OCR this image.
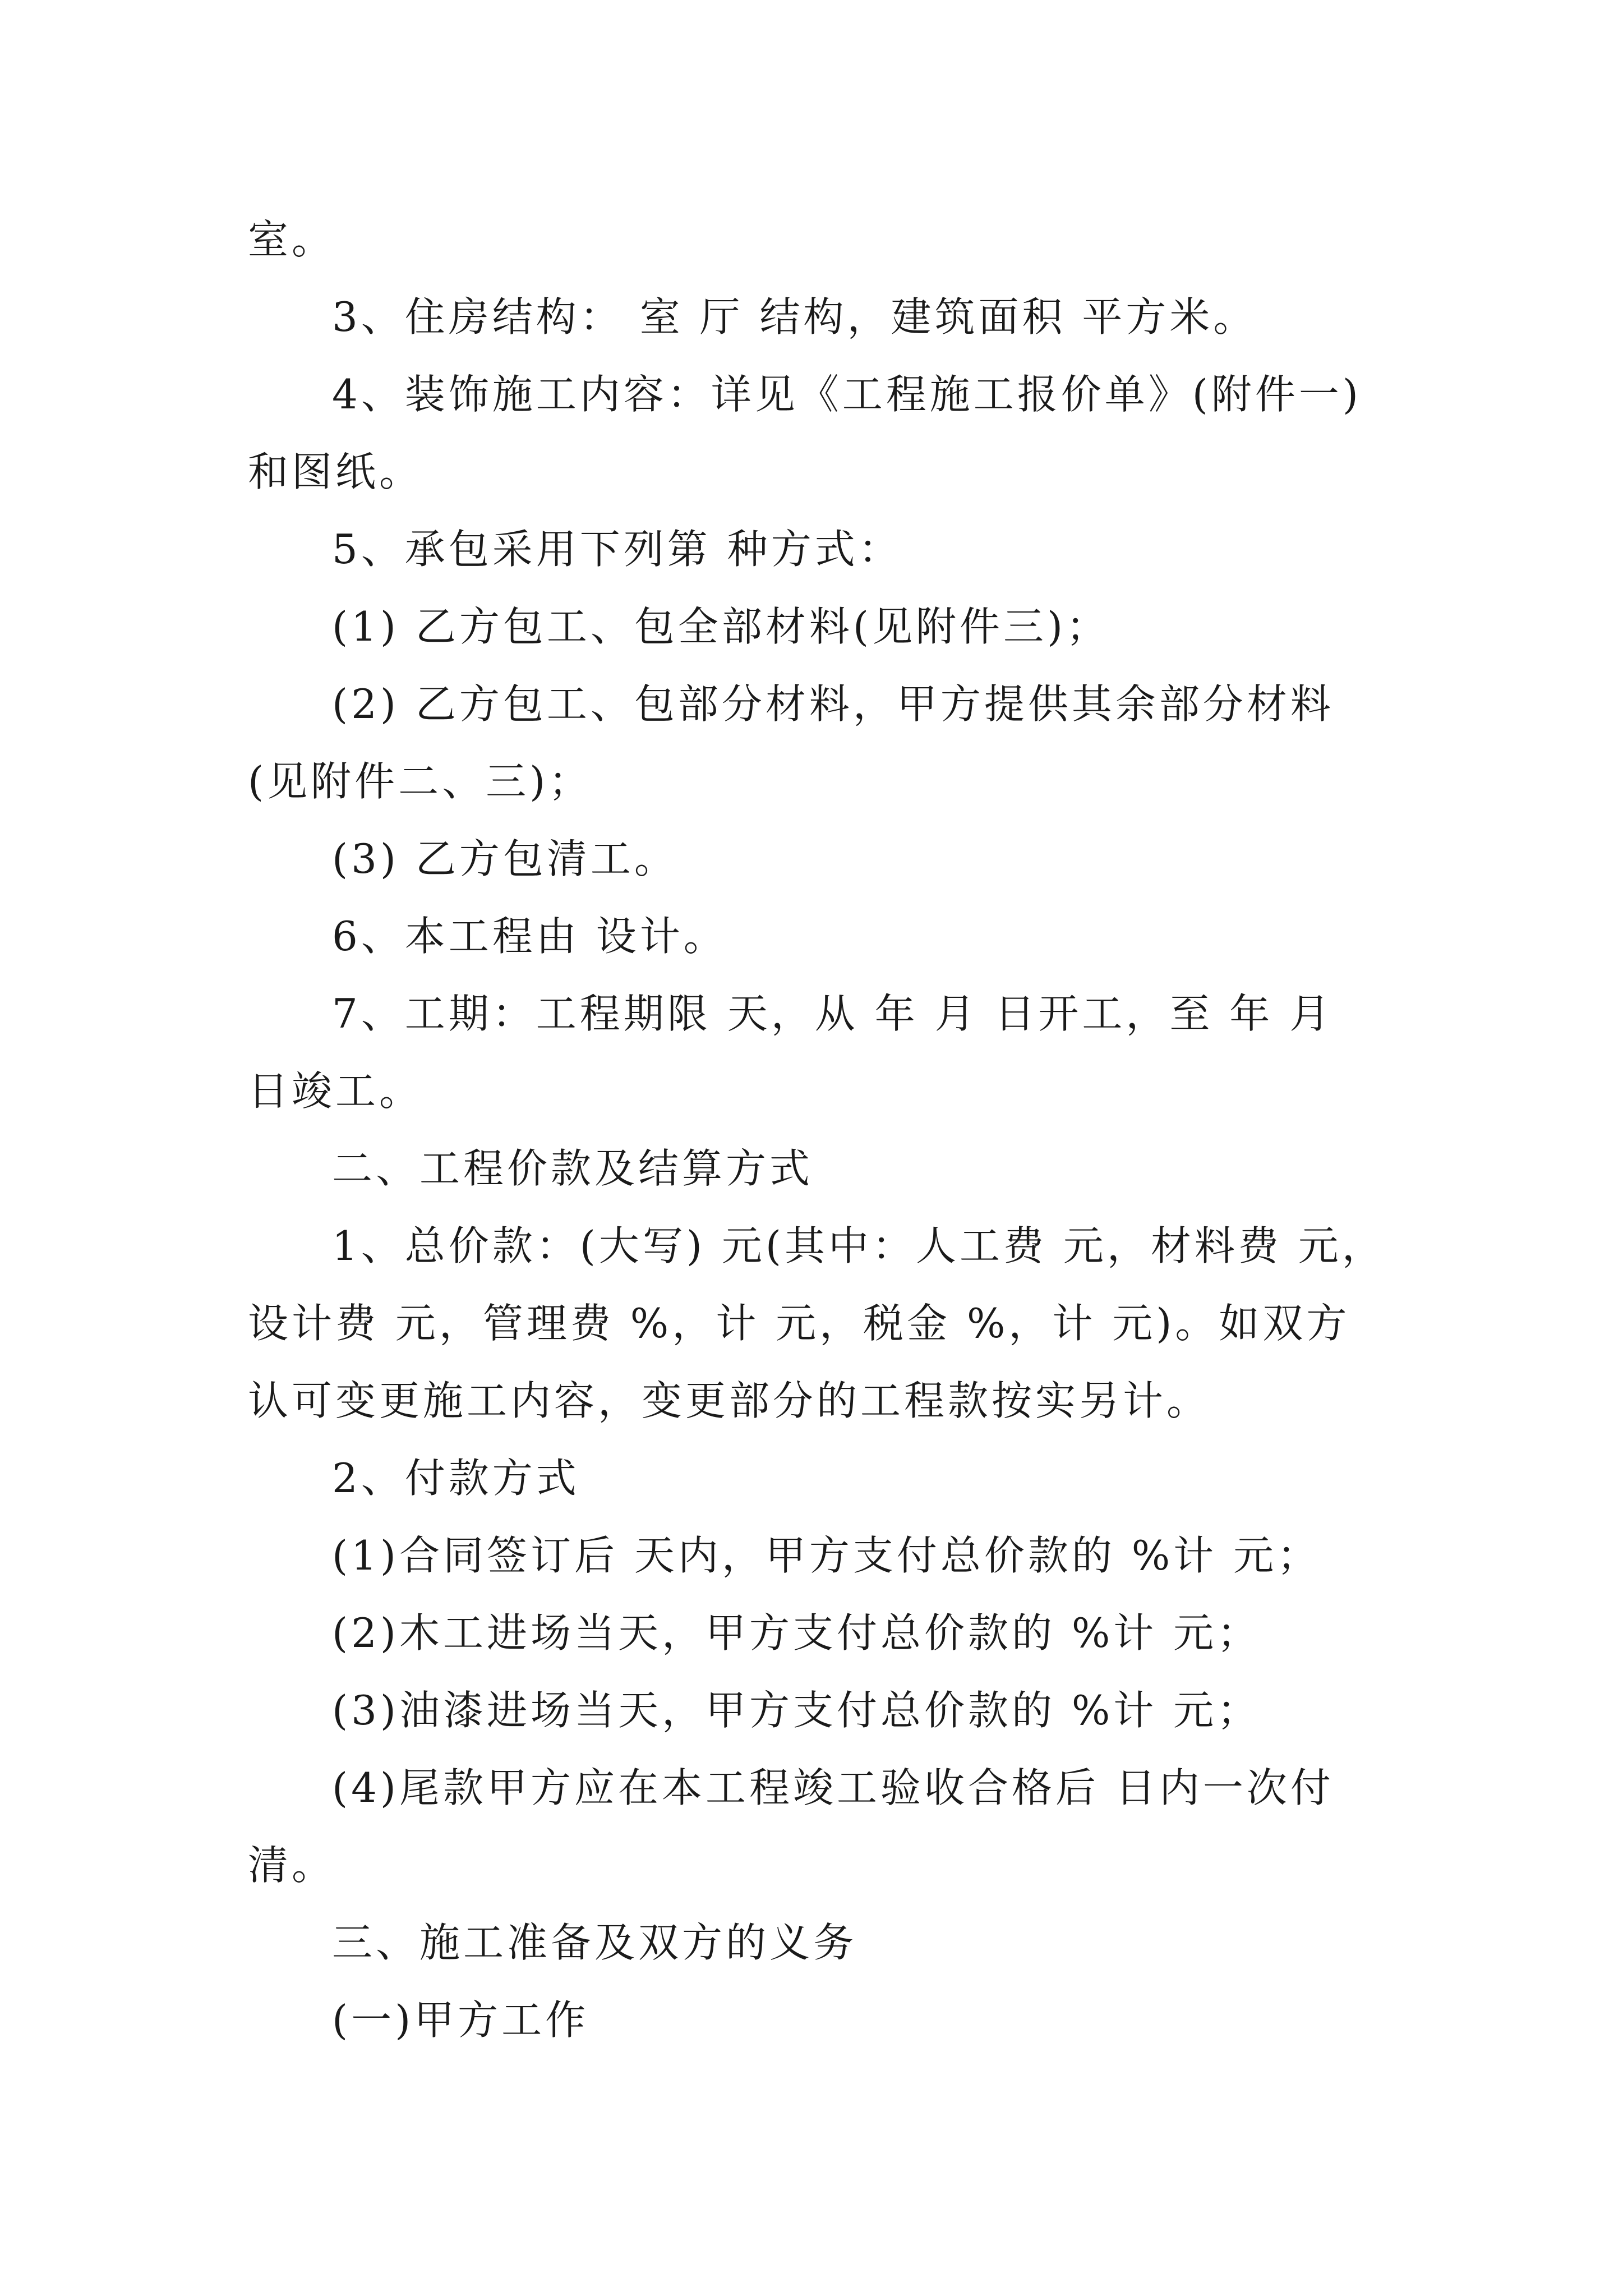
室。

3、住房结构： 室 厅 结构，建筑面积 平方米。

4、装饰施工内容：详见《工程施工报价单》(附件一)和图纸。

5、承包采用下列第 种方式：

(1) 乙方包工、包全部材料(见附件三)；

(2) 乙方包工、包部分材料，甲方提供其余部分材料(见附件二、三)；

(3) 乙方包清工。

6、本工程由 设计。

7、工期：工程期限 天，从 年 月 日开工，至 年 月 日竣工。

二、工程价款及结算方式

1、总价款：(大写) 元(其中：人工费 元，材料费 元，设计费 元，管理费 %，计 元，税金 %，计 元)。如双方认可变更施工内容，变更部分的工程款按实另计。

2、付款方式

(1)合同签订后 天内，甲方支付总价款的 %计 元；

(2)木工进场当天，甲方支付总价款的 %计 元；

(3)油漆进场当天，甲方支付总价款的 %计 元；

(4)尾款甲方应在本工程竣工验收合格后 日内一次付清。

三、施工准备及双方的义务

(一)甲方工作
